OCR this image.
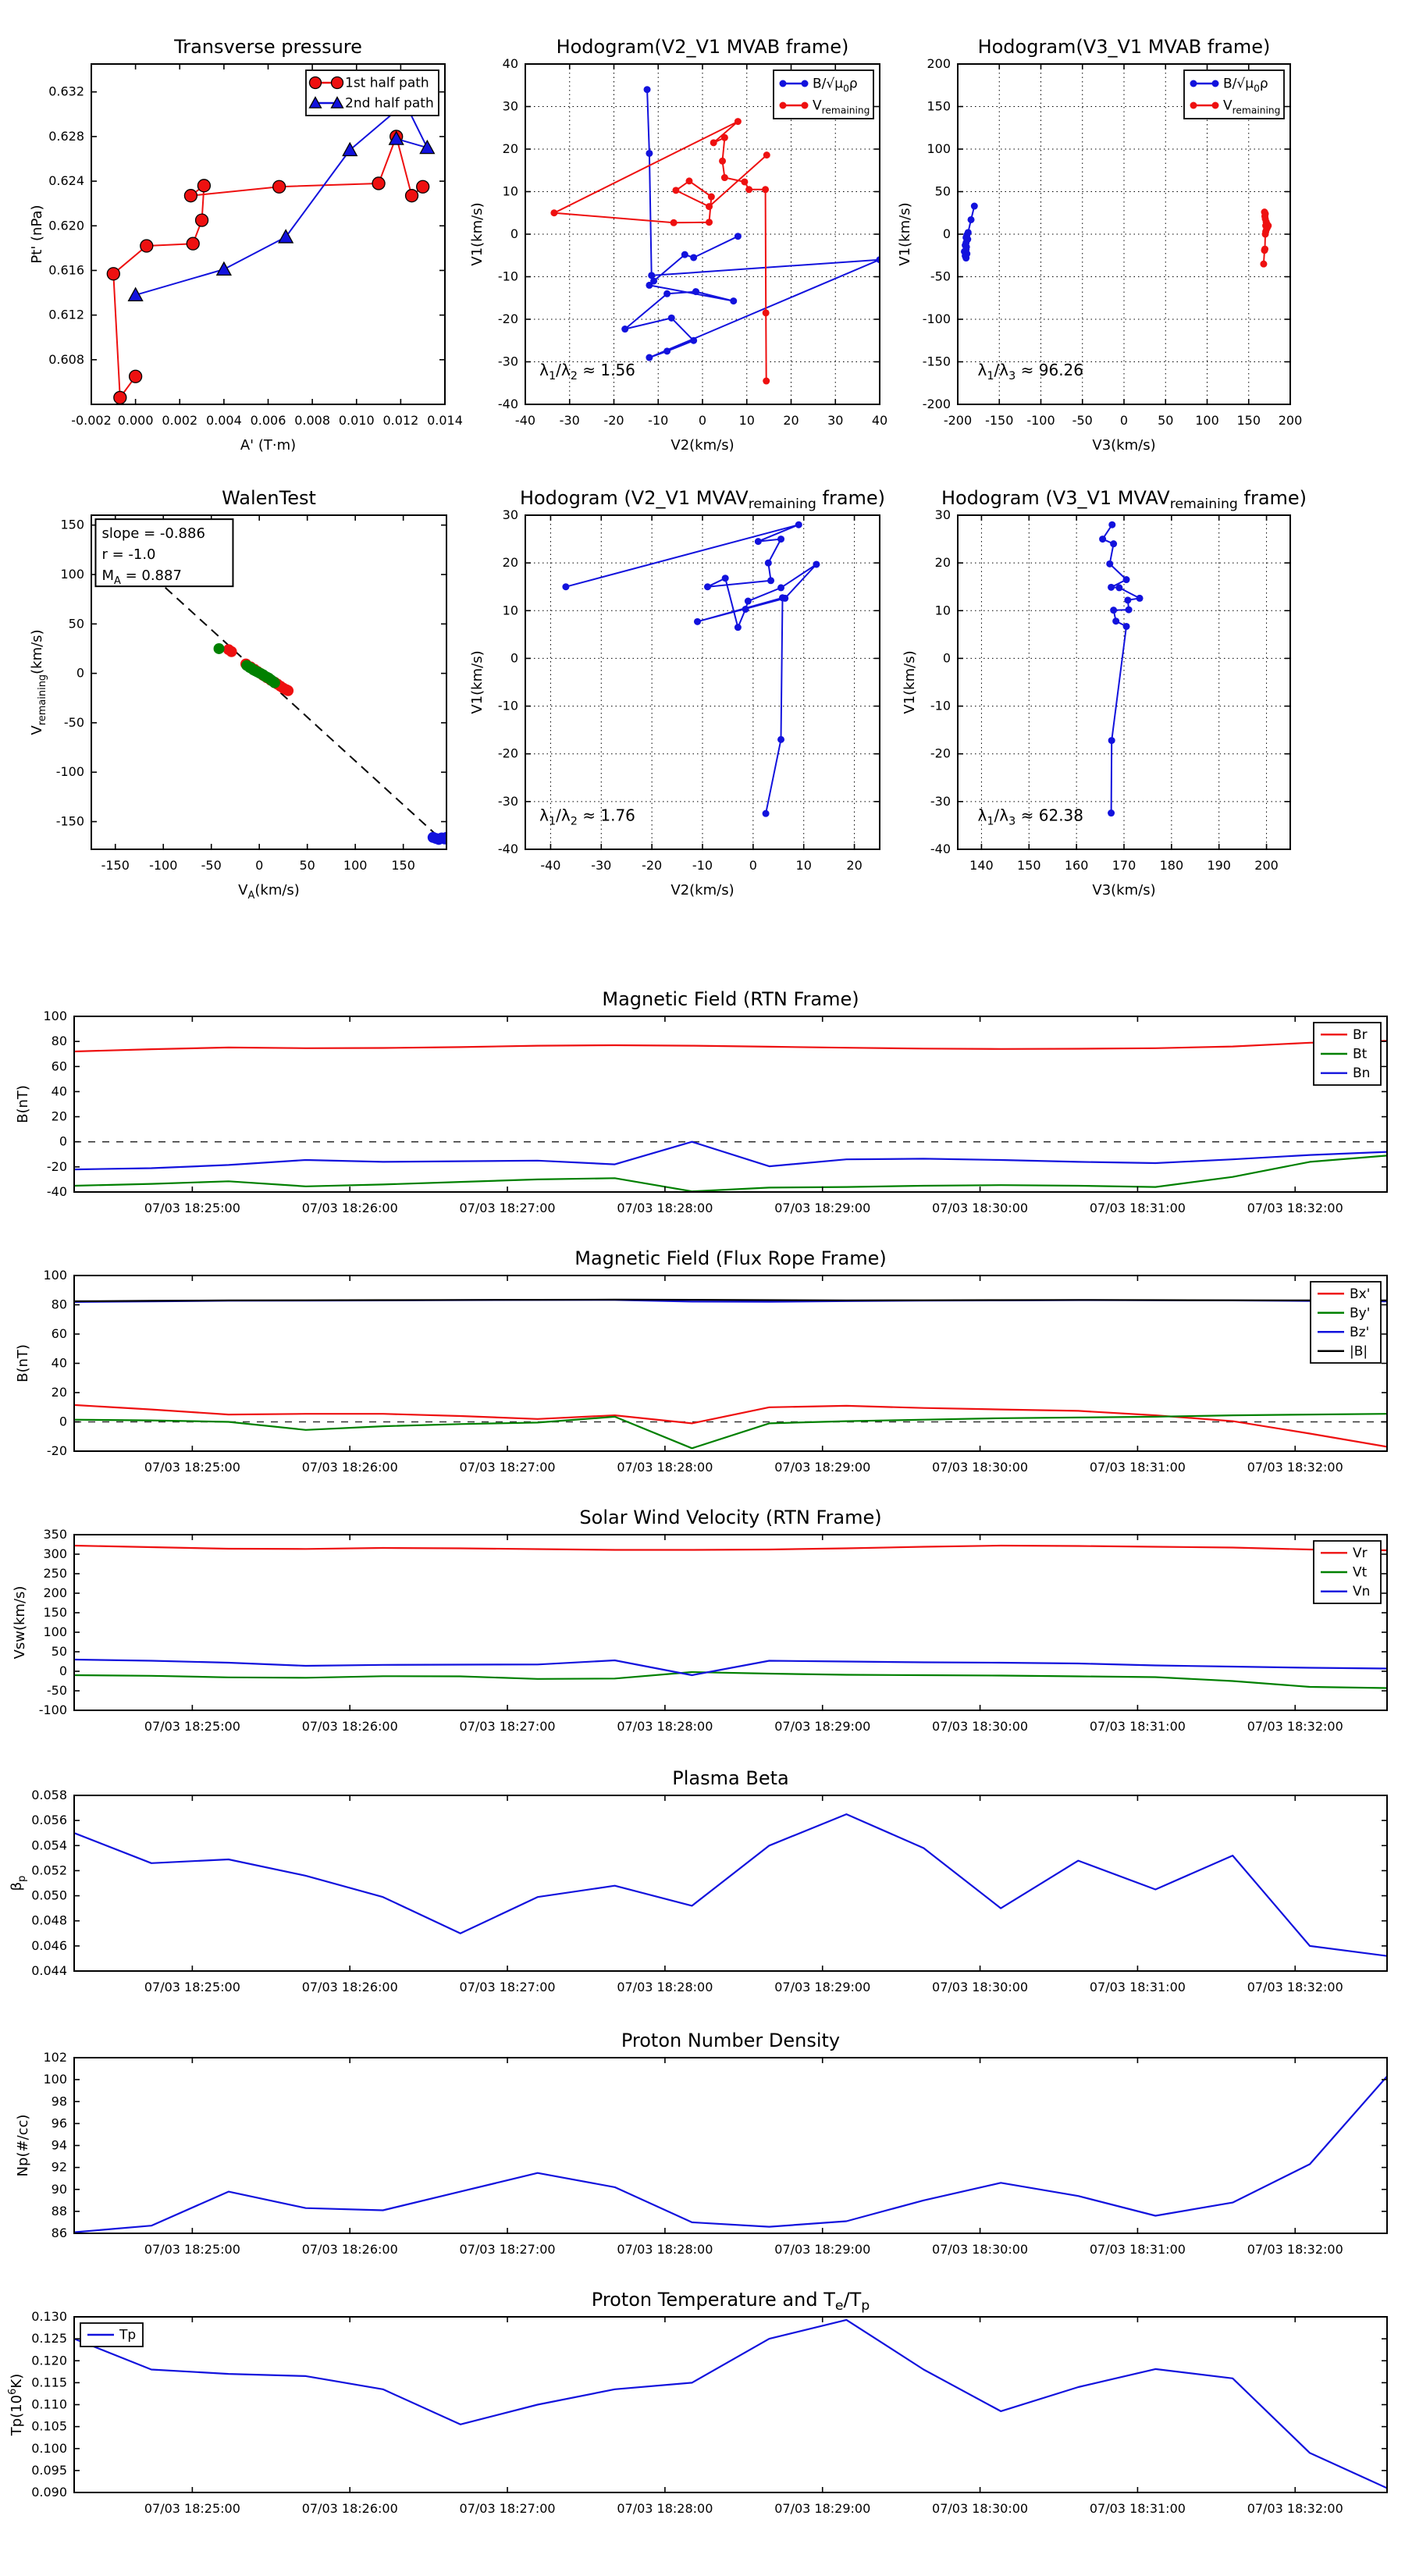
-0.002 0.000 0.002 0.004 0.006 0.008 0.010 0.012 0.014
0.608
0.612
0.616
0.620
0.624
0.628
0.632
Transverse pressure
A' (T·m)
Pt' (nPa)
1st half path
2nd half path
-40 -30 -20 -10 0	10 20 30 40
-40
-30
-20
-10
0
10
20
30
40
Hodogram(V2_V1 MVAB frame)
V2(km/s)
V1(km/s)
$B/√\mu_0\rho$
$V_{remaining}$
$\lambda_1/\lambda_2 \approx 1.56$
-200 -150 -100 -50 0 50 100 150 200
-200
-150
-100
-50
0
50
100
150
200
Hodogram(V3_V1 MVAB frame)
V3(km/s)
V1(km/s)
$B/√\mu_0\rho$
$V_{remaining}$
$\lambda_1/\lambda_3 \approx 96.26$
-150 -100 -50	0	50 100 150
-150
-100
-50
0
50
100
150
WalenTest
$V_A(km/s)$
$V_{remaining}(km/s)$
slope = -0.886
r = -1.0
$M_A = 0.887$
-40 -30 -20 -10	0	10	20
-40
-30
-20
-10
0
10
20
30
Hodogram (V2_V1 $MVAV_{remaining}$ frame)
V2(km/s)
V1(km/s)
$\lambda_1/\lambda_2 \approx 1.76$
140 150 160 170 180 190 200
-40
-30
-20
-10
0
10
20
30
Hodogram (V3_V1 $MVAV_{remaining}$ frame)
V3(km/s)
V1(km/s)
$\lambda_1/\lambda_3 \approx 62.38$
07/03 18:25:00	07/03 18:26:00	07/03 18:27:00	07/03 18:28:00	07/03 18:29:00	07/03 18:30:00	07/03 18:31:00	07/03 18:32:00
-40
-20
0
20
40
60
80
100
Magnetic Field (RTN Frame)
B(nT)
Br
Bt
Bn
07/03 18:25:00	07/03 18:26:00	07/03 18:27:00	07/03 18:28:00	07/03 18:29:00	07/03 18:30:00	07/03 18:31:00	07/03 18:32:00
-20
0
20
40
60
80
100
Magnetic Field (Flux Rope Frame)
B(nT)
Bx'
By'
Bz'
|B|
07/03 18:25:00	07/03 18:26:00	07/03 18:27:00	07/03 18:28:00	07/03 18:29:00	07/03 18:30:00	07/03 18:31:00	07/03 18:32:00
-100
-50
0
50
100
150
200
250
300
350
Solar Wind Velocity (RTN Frame)
Vsw(km/s)
Vr
Vt
Vn
07/03 18:25:00	07/03 18:26:00	07/03 18:27:00	07/03 18:28:00	07/03 18:29:00	07/03 18:30:00	07/03 18:31:00	07/03 18:32:00
0.044
0.046
0.048
0.050
0.052
0.054
0.056
0.058
Plasma Beta
$\beta_p$
07/03 18:25:00	07/03 18:26:00	07/03 18:27:00	07/03 18:28:00	07/03 18:29:00	07/03 18:30:00	07/03 18:31:00	07/03 18:32:00
86
88
90
92
94
96
98
100
102
Proton Number Density
Np(#/cc)
07/03 18:25:00	07/03 18:26:00	07/03 18:27:00	07/03 18:28:00	07/03 18:29:00	07/03 18:30:00	07/03 18:31:00	07/03 18:32:00
0.090
0.095
0.100
0.105
0.110
0.115
0.120
0.125
0.130
Proton Temperature and $T_e/T_p$
$Tp(10^6K)$
Tp
